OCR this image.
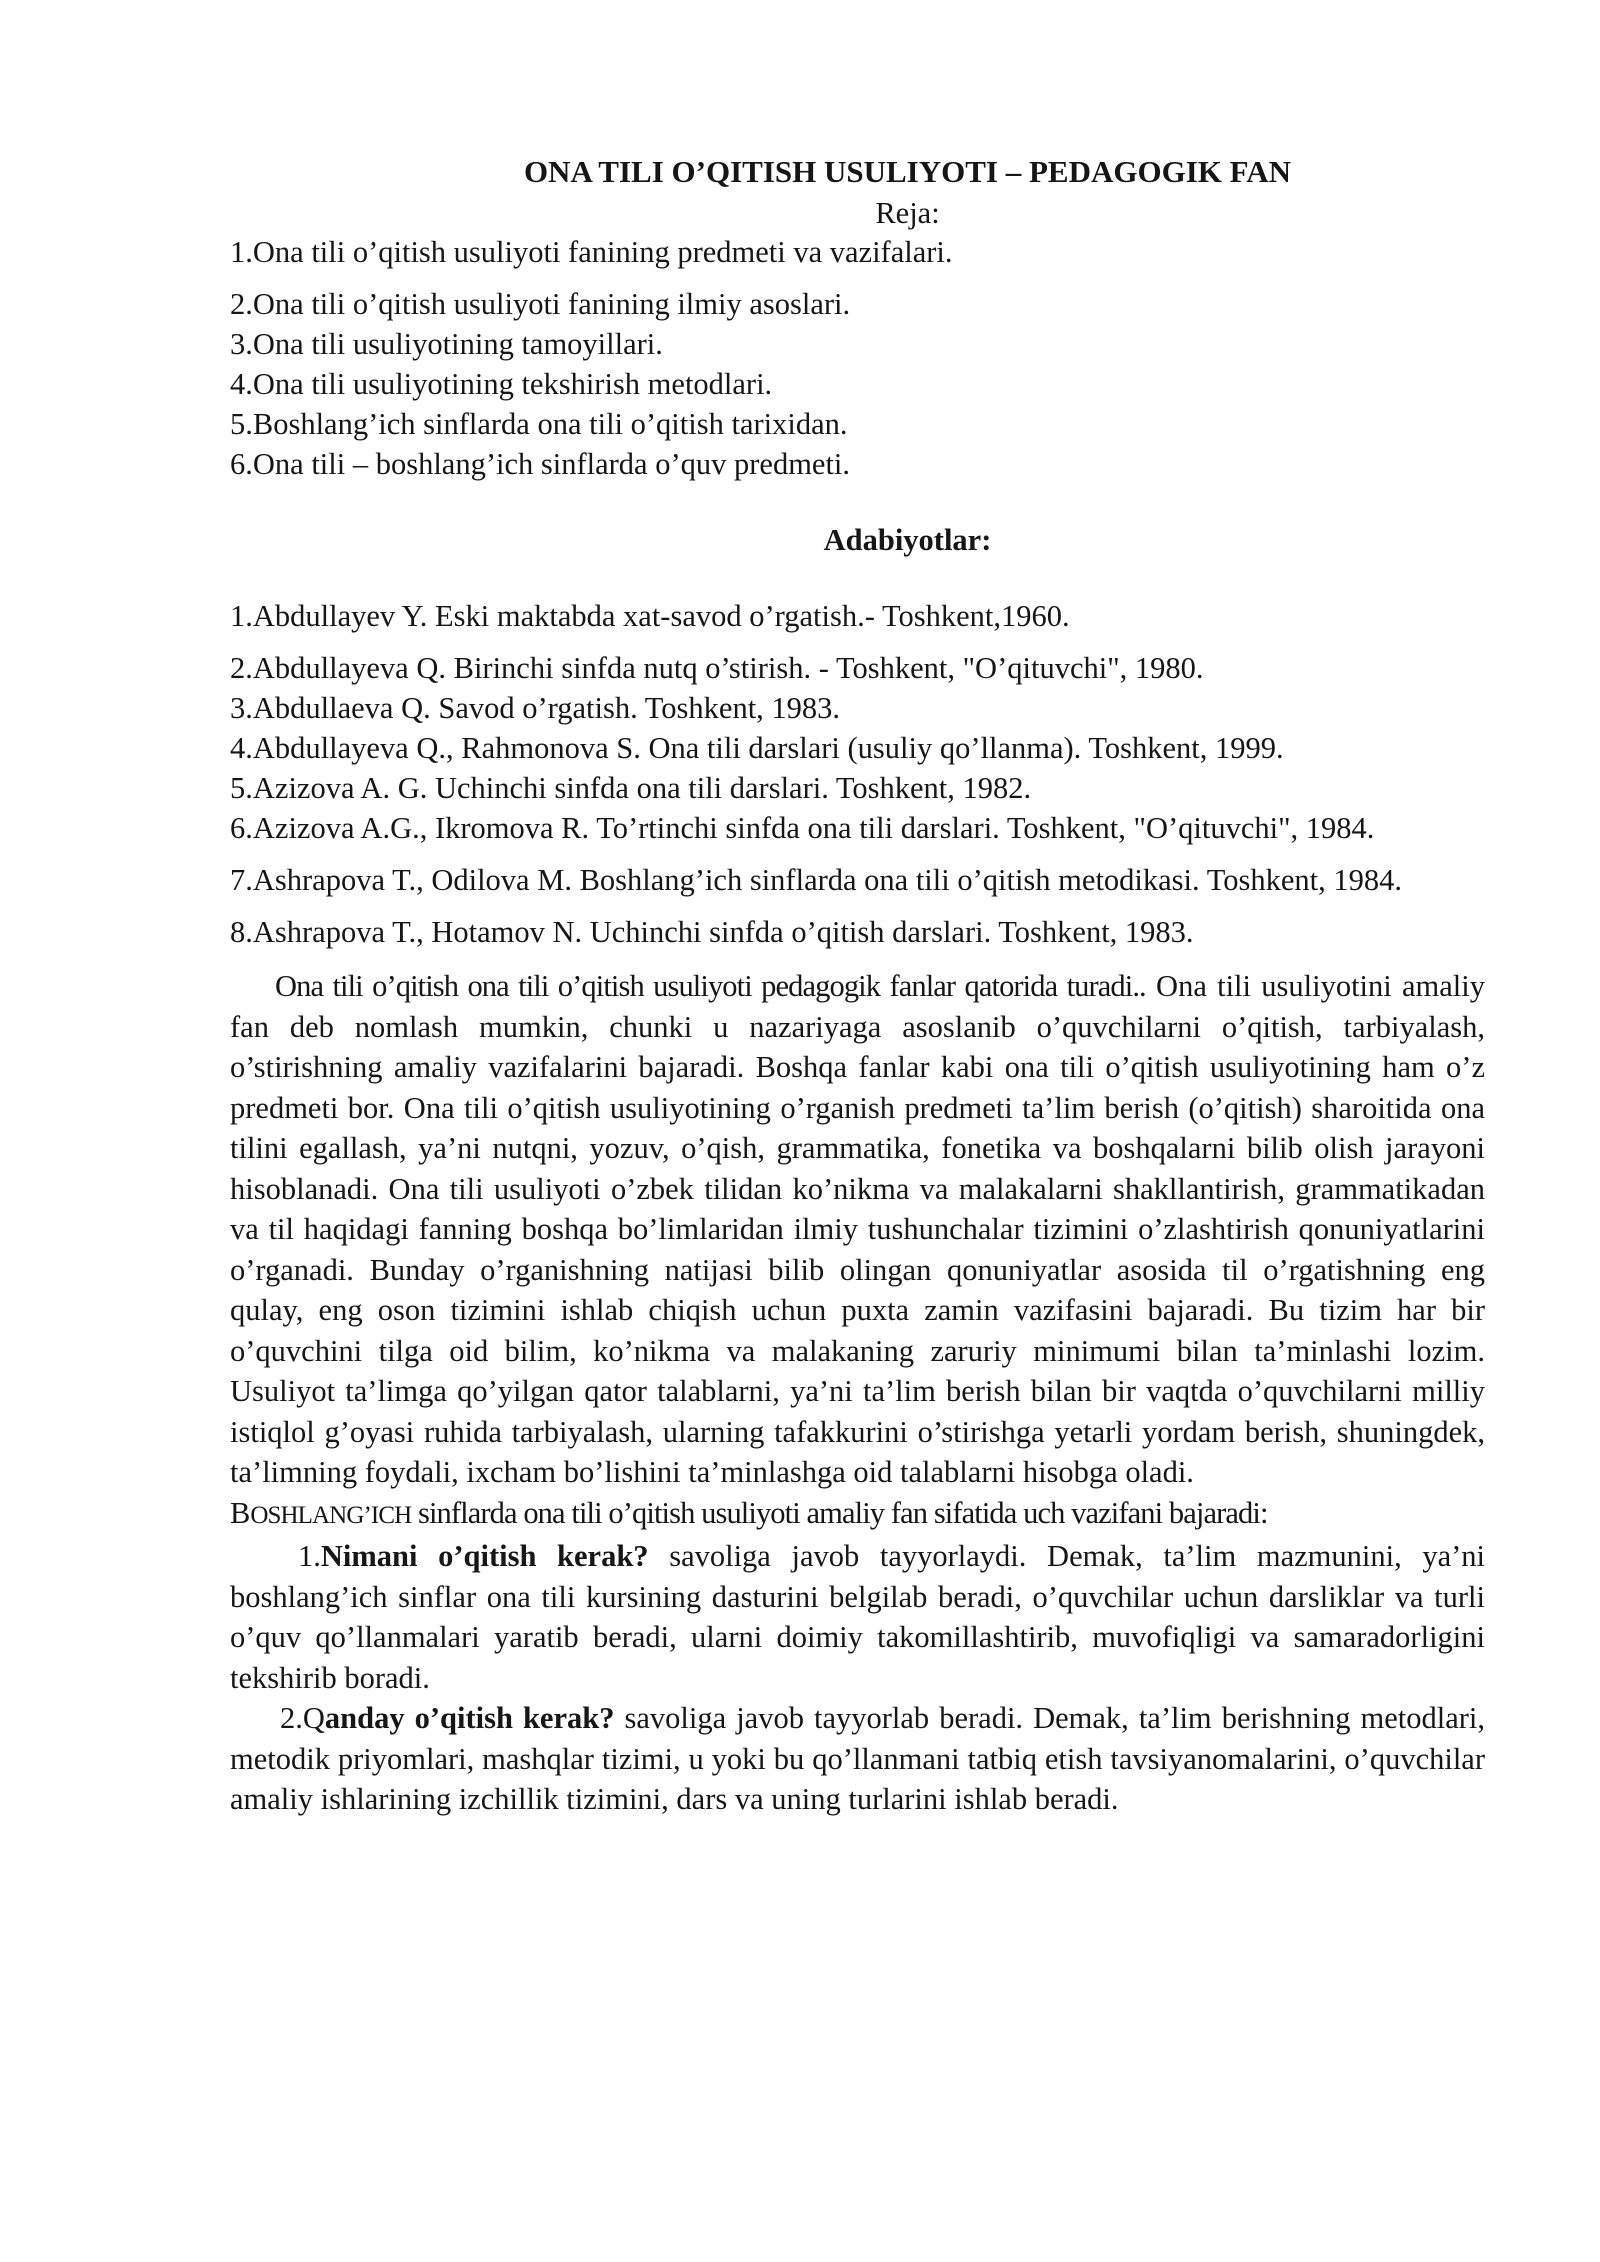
ONA TILI O’QITISH USULIYOTI – PEDAGOGIK FAN
Reja:
1.Ona tili o’qitish usuliyoti fanining predmeti va vazifalari.
2.Ona tili o’qitish usuliyoti fanining ilmiy asoslari.
3.Ona tili usuliyotining tamoyillari.
4.Ona tili usuliyotining tekshirish metodlari.
5.Boshlang’ich sinflarda ona tili o’qitish tarixidan.
6.Ona tili – boshlang’ich sinflarda o’quv predmeti.
Adabiyotlar:
1.Abdullayev Y. Eski maktabda xat-savod o’rgatish.- Toshkent,1960.
2.Abdullayeva Q. Birinchi sinfda nutq o’stirish. - Toshkent, "O’qituvchi", 1980.
3.Abdullaeva Q. Savod o’rgatish. Toshkent, 1983.
4.Abdullayeva Q., Rahmonova S. Ona tili darslari (usuliy qo’llanma). Toshkent, 1999.
5.Azizova A. G. Uchinchi sinfda ona tili darslari. Toshkent, 1982.
6.Azizova A.G., Ikromova R. To’rtinchi sinfda ona tili darslari. Toshkent, "O’qituvchi", 1984.
7.Ashrapova T., Odilova M. Boshlang’ich sinflarda ona tili o’qitish metodikasi. Toshkent, 1984.
8.Ashrapova T., Hotamov N. Uchinchi sinfda o’qitish darslari. Toshkent, 1983.
Ona tili o’qitish ona tili o’qitish usuliyoti pedagogik fanlar qatorida turadi.. Ona tili usuliyotini amaliy fan deb nomlash mumkin, chunki u nazariyaga asoslanib o’quvchilarni o’qitish, tarbiyalash, o’stirishning amaliy vazifalarini bajaradi. Boshqa fanlar kabi ona tili o’qitish usuliyotining ham o’z predmeti bor. Ona tili o’qitish usuliyotining o’rganish predmeti ta’lim berish (o’qitish) sharoitida ona tilini egallash, ya’ni nutqni, yozuv, o’qish, grammatika, fonetika va boshqalarni bilib olish jarayoni hisoblanadi. Ona tili usuliyoti o’zbek tilidan ko’nikma va malakalarni shakllantirish, grammatikadan va til haqidagi fanning boshqa bo’limlaridan ilmiy tushunchalar tizimini o’zlashtirish qonuniyatlarini o’rganadi. Bunday o’rganishning natijasi bilib olingan qonuniyatlar asosida til o’rgatishning eng qulay, eng oson tizimini ishlab chiqish uchun puxta zamin vazifasini bajaradi. Bu tizim har bir o’quvchini tilga oid bilim, ko’nikma va malakaning zaruriy minimumi bilan ta’minlashi lozim. Usuliyot ta’limga qo’yilgan qator talablarni, ya’ni ta’lim berish bilan bir vaqtda o’quvchilarni milliy istiqlol g’oyasi ruhida tarbiyalash, ularning tafakkurini o’stirishga yetarli yordam berish, shuningdek, ta’limning foydali, ixcham bo’lishini ta’minlashga oid talablarni hisobga oladi.
BOSHLANG’ICH sinflarda ona tili o’qitish usuliyoti amaliy fan sifatida uch vazifani bajaradi:
1.Nimani o’qitish kerak? savoliga javob tayyorlaydi. Demak, ta’lim mazmunini, ya’ni boshlang’ich sinflar ona tili kursining dasturini belgilab beradi, o’quvchilar uchun darsliklar va turli o’quv qo’llanmalari yaratib beradi, ularni doimiy takomillashtirib, muvofiqligi va samaradorligini tekshirib boradi.
2.Qanday o’qitish kerak? savoliga javob tayyorlab beradi. Demak, ta’lim berishning metodlari, metodik priyomlari, mashqlar tizimi, u yoki bu qo’llanmani tatbiq etish tavsiyanomalarini, o’quvchilar amaliy ishlarining izchillik tizimini, dars va uning turlarini ishlab beradi.
